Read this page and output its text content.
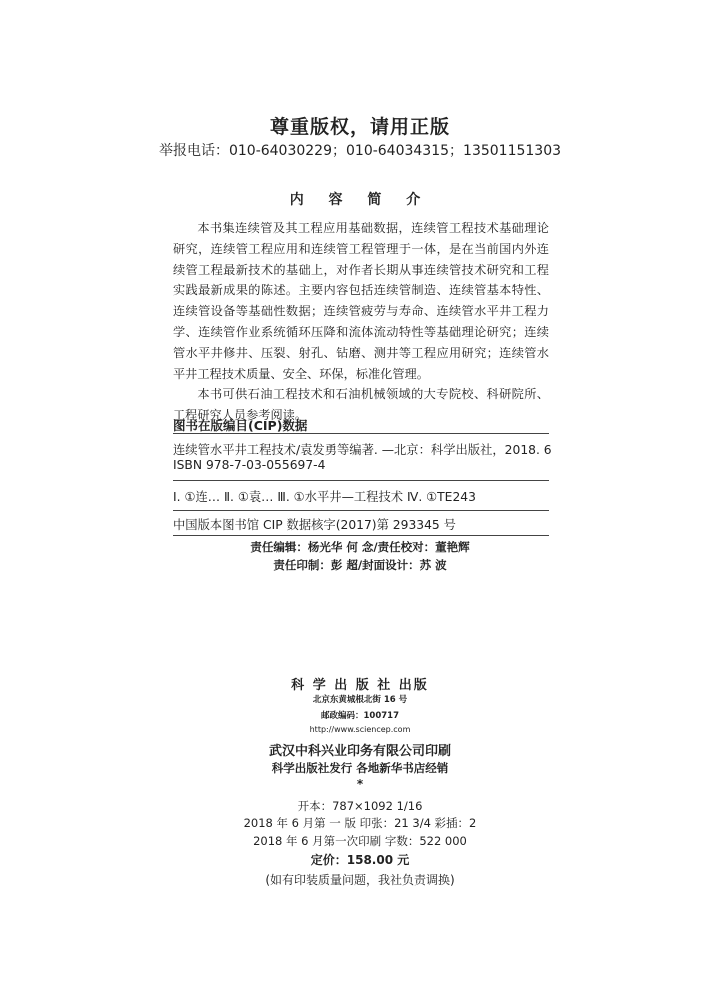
尊重版权，请用正版
举报电话：010-64030229；010-64034315；13501151303
内 容 简 介

本书集连续管及其工程应用基础数据，连续管工程技术基础理论研究，连续管工程应用和连续管工程管理于一体，是在当前国内外连续管工程最新技术的基础上，对作者长期从事连续管技术研究和工程实践最新成果的陈述。主要内容包括连续管制造、连续管基本特性、连续管设备等基础性数据；连续管疲劳与寿命、连续管水平井工程力学、连续管作业系统循环压降和流体流动特性等基础理论研究；连续管水平井修井、压裂、射孔、钻磨、测井等工程应用研究；连续管水平井工程技术质量、安全、环保，标准化管理。

本书可供石油工程技术和石油机械领域的大专院校、科研院所、工程研究人员参考阅读。

图书在版编目(CIP)数据
连续管水平井工程技术/袁发勇等编著. —北京：科学出版社，2018. 6
ISBN 978-7-03-055697-4
Ⅰ. ①连… Ⅱ. ①袁… Ⅲ. ①水平井—工程技术 Ⅳ. ①TE243
中国版本图书馆 CIP 数据核字(2017)第 293345 号
责任编辑：杨光华 何 念/责任校对：董艳辉
责任印制：彭 超/封面设计：苏 波
科 学 出 版 社 出版
北京东黄城根北街 16 号
邮政编码：100717
http://www.sciencep.com
武汉中科兴业印务有限公司印刷
科学出版社发行 各地新华书店经销
*
开本：787×1092 1/16
2018 年 6 月第 一 版 印张：21 3/4 彩插：2
2018 年 6 月第一次印刷 字数：522 000
定价：158.00 元
(如有印装质量问题，我社负责调换)
